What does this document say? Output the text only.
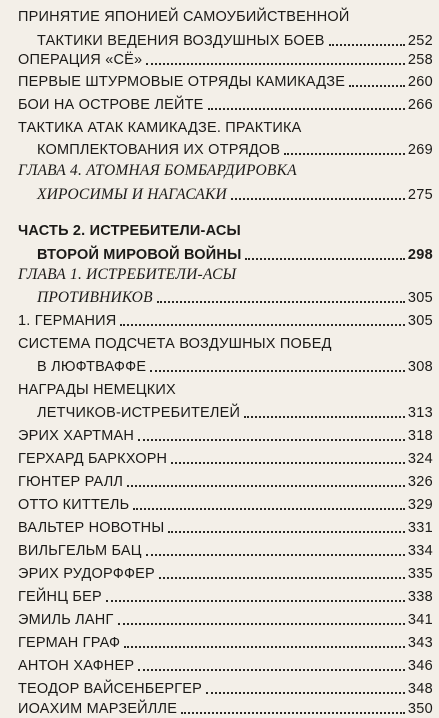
ПРИНЯТИЕ ЯПОНИЕЙ САМОУБИЙСТВЕННОЙ
ТАКТИКИ ВЕДЕНИЯ ВОЗДУШНЫХ БОЕВ	252
ОПЕРАЦИЯ «СЁ»	258
ПЕРВЫЕ ШТУРМОВЫЕ ОТРЯДЫ КАМИКАДЗЕ	260
БОИ НА ОСТРОВЕ ЛЕЙТЕ	266
ТАКТИКА АТАК КАМИКАДЗЕ. ПРАКТИКА
КОМПЛЕКТОВАНИЯ ИХ ОТРЯДОВ	269
ГЛАВА 4. АТОМНАЯ БОМБАРДИРОВКА
ХИРОСИМЫ И НАГАСАКИ	275
ЧАСТЬ 2. ИСТРЕБИТЕЛИ-АСЫ
ВТОРОЙ МИРОВОЙ ВОЙНЫ	298
ГЛАВА 1. ИСТРЕБИТЕЛИ-АСЫ
ПРОТИВНИКОВ	305
1. ГЕРМАНИЯ	305
СИСТЕМА ПОДСЧЕТА ВОЗДУШНЫХ ПОБЕД
В ЛЮФТВАФФЕ	308
НАГРАДЫ НЕМЕЦКИХ
ЛЕТЧИКОВ-ИСТРЕБИТЕЛЕЙ	313
ЭРИХ ХАРТМАН	318
ГЕРХАРД БАРКХОРН	324
ГЮНТЕР РАЛЛ	326
ОТТО КИТТЕЛЬ	329
ВАЛЬТЕР НОВОТНЫ	331
ВИЛЬГЕЛЬМ БАЦ	334
ЭРИХ РУДОРФФЕР	335
ГЕЙНЦ БЕР	338
ЭМИЛЬ ЛАНГ	341
ГЕРМАН ГРАФ	343
АНТОН ХАФНЕР	346
ТЕОДОР ВАЙСЕНБЕРГЕР	348
ИОАХИМ МАРЗЕЙЛЛЕ	350
